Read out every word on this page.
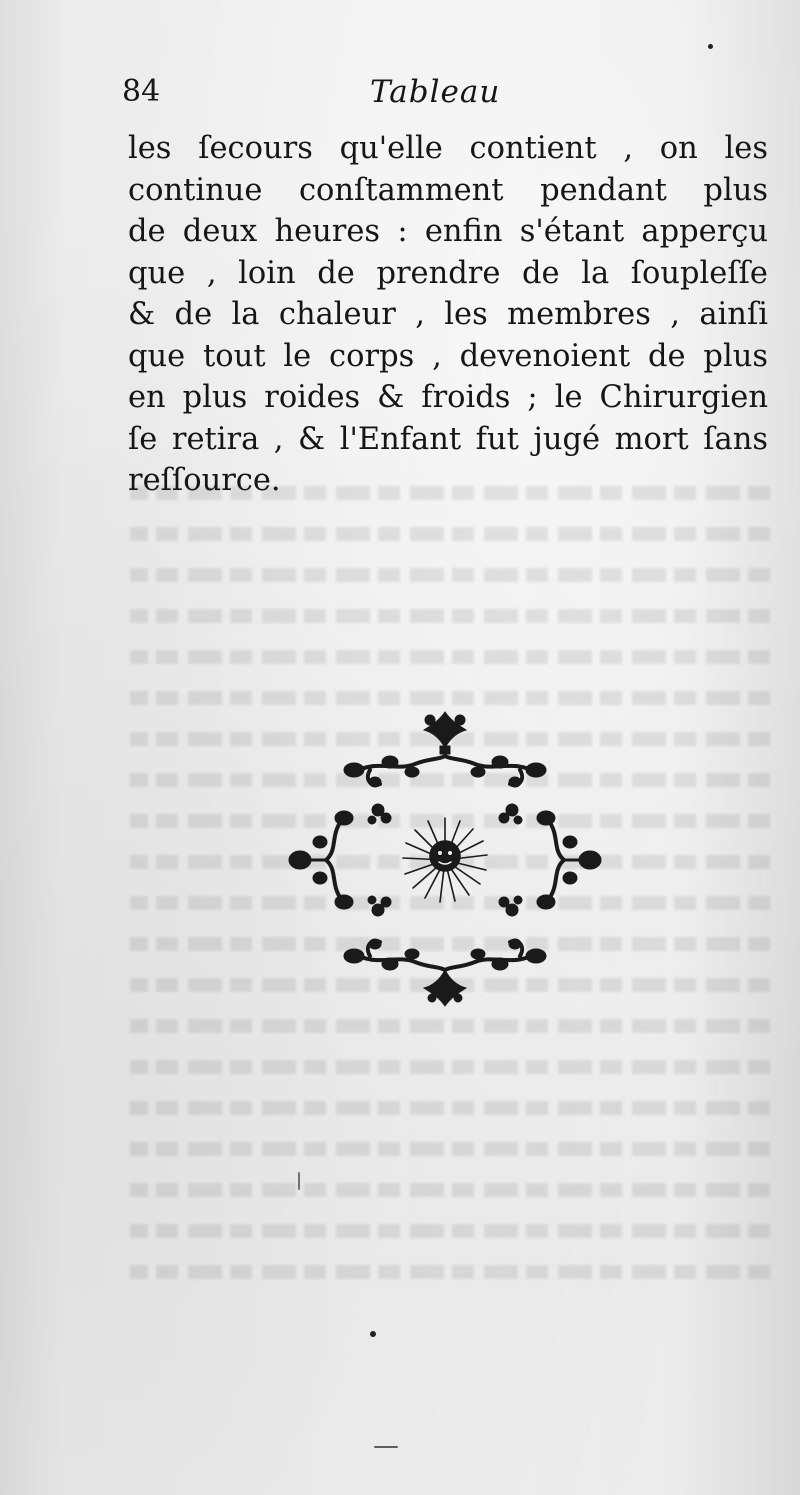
84	Tableau
les ſecours qu'elle contient , on les
continue conſtamment pendant plus
de deux heures : enfin s'étant apperçu
que , loin de prendre de la ſoupleſſe
& de la chaleur , les membres , ainſi
que tout le corps , devenoient de plus
en plus roides & froids ; le Chirurgien
ſe retira , & l'Enfant fut jugé mort ſans
reſſource.
